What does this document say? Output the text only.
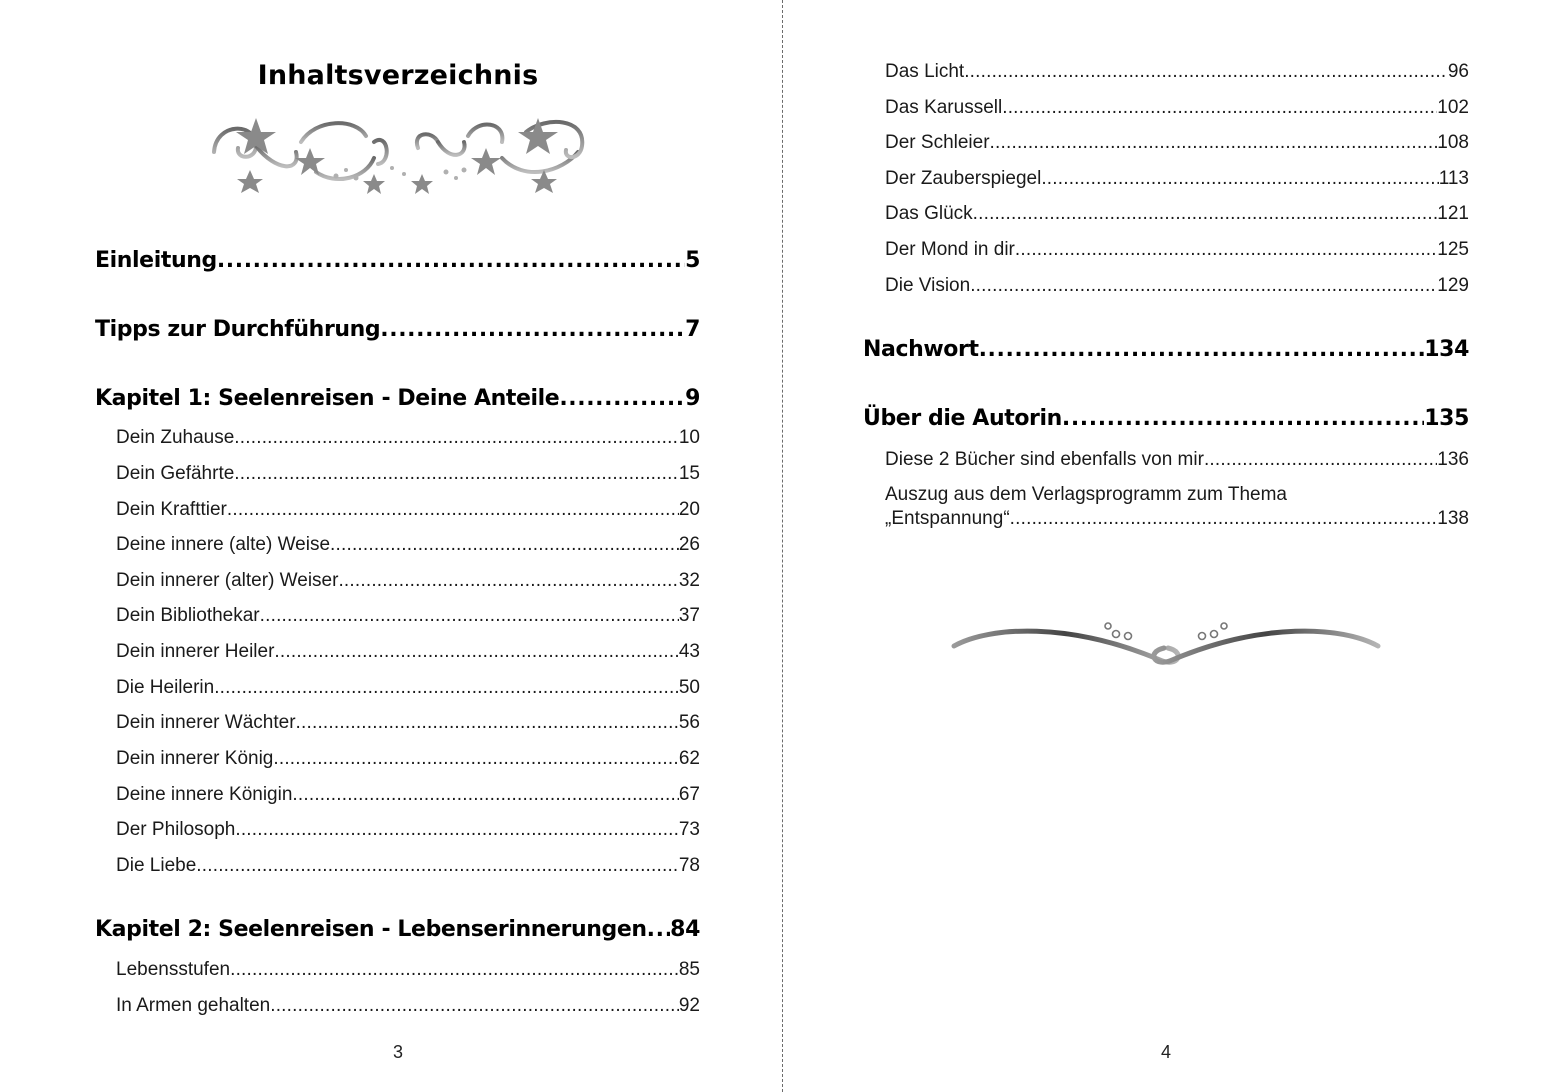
Inhaltsverzeichnis
Einleitung .....	5
Tipps zur Durchführung .....	7
Kapitel 1: Seelenreisen - Deine Anteile .....	9
Dein Zuhause .....	10
Dein Gefährte .....	15
Dein Krafttier .....	20
Deine innere (alte) Weise .....	26
Dein innerer (alter) Weiser .....	32
Dein Bibliothekar .....	37
Dein innerer Heiler .....	43
Die Heilerin .....	50
Dein innerer Wächter .....	56
Dein innerer König .....	62
Deine innere Königin .....	67
Der Philosoph .....	73
Die Liebe .....	78
Kapitel 2: Seelenreisen - Lebenserinnerungen ..... 84
Lebensstufen .....	85
In Armen gehalten .....	92
3
Das Licht .....	96
Das Karussell .....	102
Der Schleier .....	108
Der Zauberspiegel .....	113
Das Glück .....	121
Der Mond in dir .....	125
Die Vision .....	129
Nachwort .....	134
Über die Autorin .....	135
Diese 2 Bücher sind ebenfalls von mir .....	136
Auszug aus dem Verlagsprogramm zum Thema
„Entspannung“ .....	138
4
